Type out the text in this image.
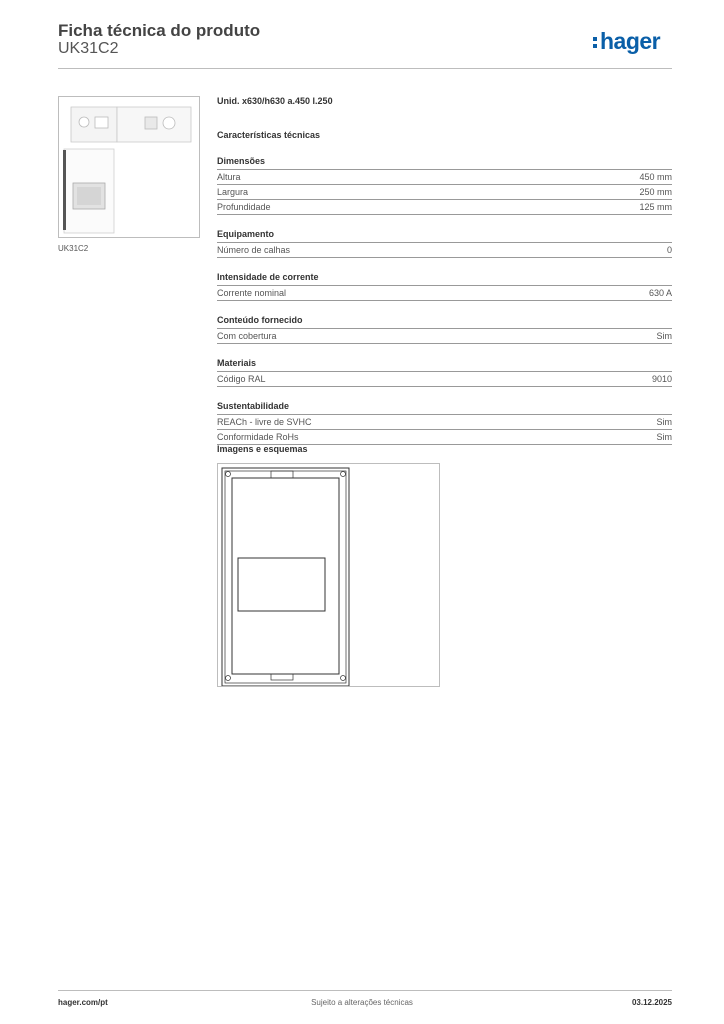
Ficha técnica do produto
UK31C2	hager
UK31C2
Unid. x630/h630 a.450 l.250
Características técnicas
Dimensões
Altura	450 mm
Largura	250 mm
Profundidade	125 mm
Equipamento
Número de calhas	0
Intensidade de corrente
Corrente nominal	630 A
Conteúdo fornecido
Com cobertura	Sim
Materiais
Código RAL	9010
Sustentabilidade
REACh - livre de SVHC	Sim
Conformidade RoHs	Sim
Imagens e esquemas
hager.com/pt	Sujeito a alterações técnicas	03.12.2025
